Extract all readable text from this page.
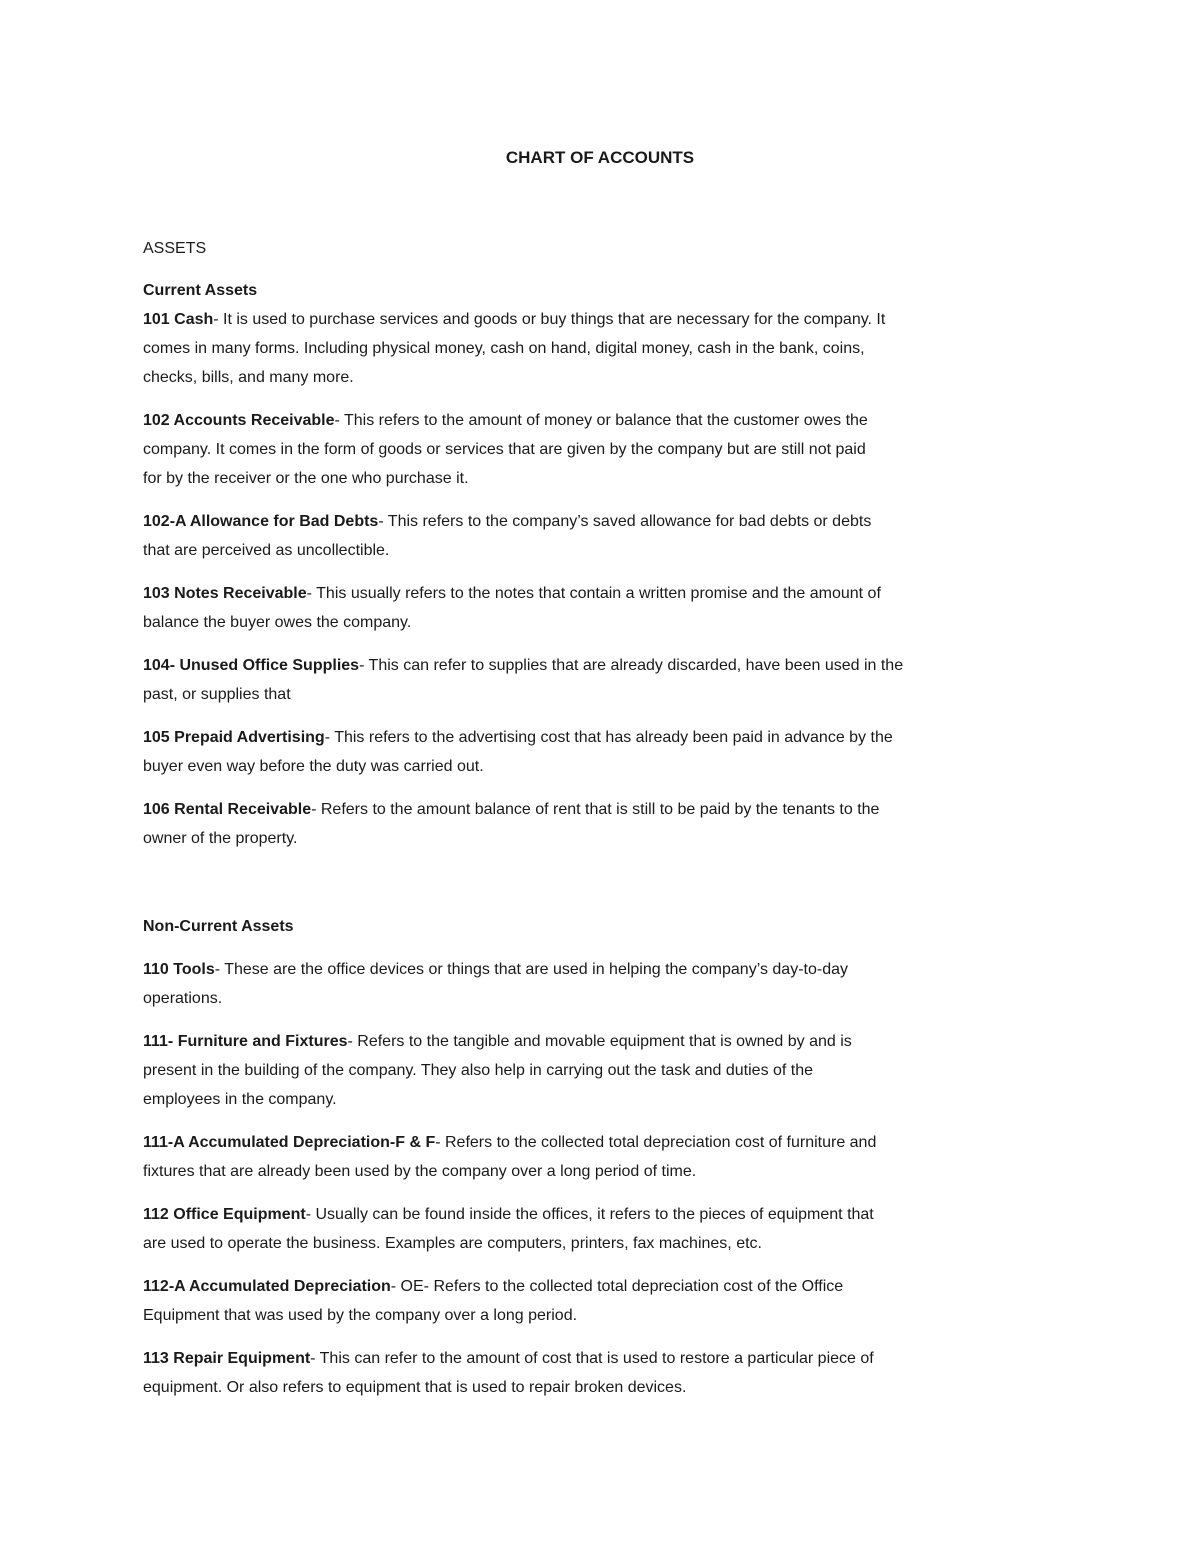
CHART OF ACCOUNTS
ASSETS
Current Assets
101 Cash- It is used to purchase services and goods or buy things that are necessary for the company. It
comes in many forms. Including physical money, cash on hand, digital money, cash in the bank, coins,
checks, bills, and many more.
102 Accounts Receivable- This refers to the amount of money or balance that the customer owes the
company. It comes in the form of goods or services that are given by the company but are still not paid
for by the receiver or the one who purchase it.
102-A Allowance for Bad Debts- This refers to the company’s saved allowance for bad debts or debts
that are perceived as uncollectible.
103 Notes Receivable- This usually refers to the notes that contain a written promise and the amount of
balance the buyer owes the company.
104- Unused Office Supplies- This can refer to supplies that are already discarded, have been used in the
past, or supplies that
105 Prepaid Advertising- This refers to the advertising cost that has already been paid in advance by the
buyer even way before the duty was carried out.
106 Rental Receivable- Refers to the amount balance of rent that is still to be paid by the tenants to the
owner of the property.
Non-Current Assets
110 Tools- These are the office devices or things that are used in helping the company’s day-to-day
operations.
111- Furniture and Fixtures- Refers to the tangible and movable equipment that is owned by and is
present in the building of the company. They also help in carrying out the task and duties of the
employees in the company.
111-A Accumulated Depreciation-F & F- Refers to the collected total depreciation cost of furniture and
fixtures that are already been used by the company over a long period of time.
112 Office Equipment- Usually can be found inside the offices, it refers to the pieces of equipment that
are used to operate the business. Examples are computers, printers, fax machines, etc.
112-A Accumulated Depreciation- OE- Refers to the collected total depreciation cost of the Office
Equipment that was used by the company over a long period.
113 Repair Equipment- This can refer to the amount of cost that is used to restore a particular piece of
equipment. Or also refers to equipment that is used to repair broken devices.
